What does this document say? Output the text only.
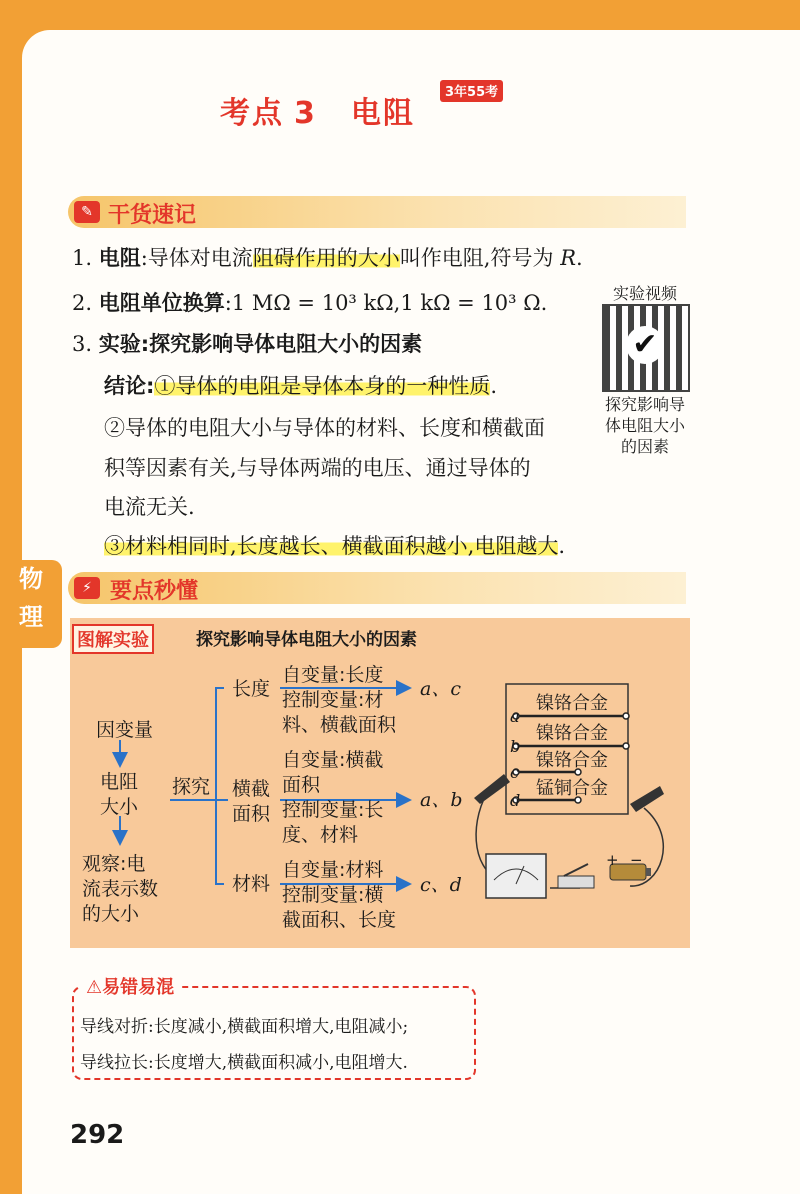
考点 3 电阻
3年55考
✎ 干货速记
1. 电阻:导体对电流阻碍作用的大小叫作电阻,符号为 R.
2. 电阻单位换算:1 MΩ = 10³ kΩ,1 kΩ = 10³ Ω.
3. 实验:探究影响导体电阻大小的因素
结论:①导体的电阻是导体本身的一种性质.
②导体的电阻大小与导体的材料、长度和横截面
积等因素有关,与导体两端的电压、通过导体的
电流无关.
③材料相同时,长度越长、横截面积越小,电阻越大.
实验视频
✔
探究影响导
体电阻大小
的因素
物
理
⚡ 要点秒懂
图解实验	探究影响导体电阻大小的因素
因变量
电阻
大小
观察:电
流表示数
的大小
探究
长度
横截
面积
材料
自变量:长度
控制变量:材
料、横截面积
自变量:横截
面积
控制变量:长
度、材料
自变量:材料
控制变量:横
截面积、长度
a、c
a、b
c、d
a
b
c
d
镍铬合金
镍铬合金
镍铬合金
锰铜合金
+ −
⚠易错易混
导线对折:长度减小,横截面积增大,电阻减小;
导线拉长:长度增大,横截面积减小,电阻增大.
292
